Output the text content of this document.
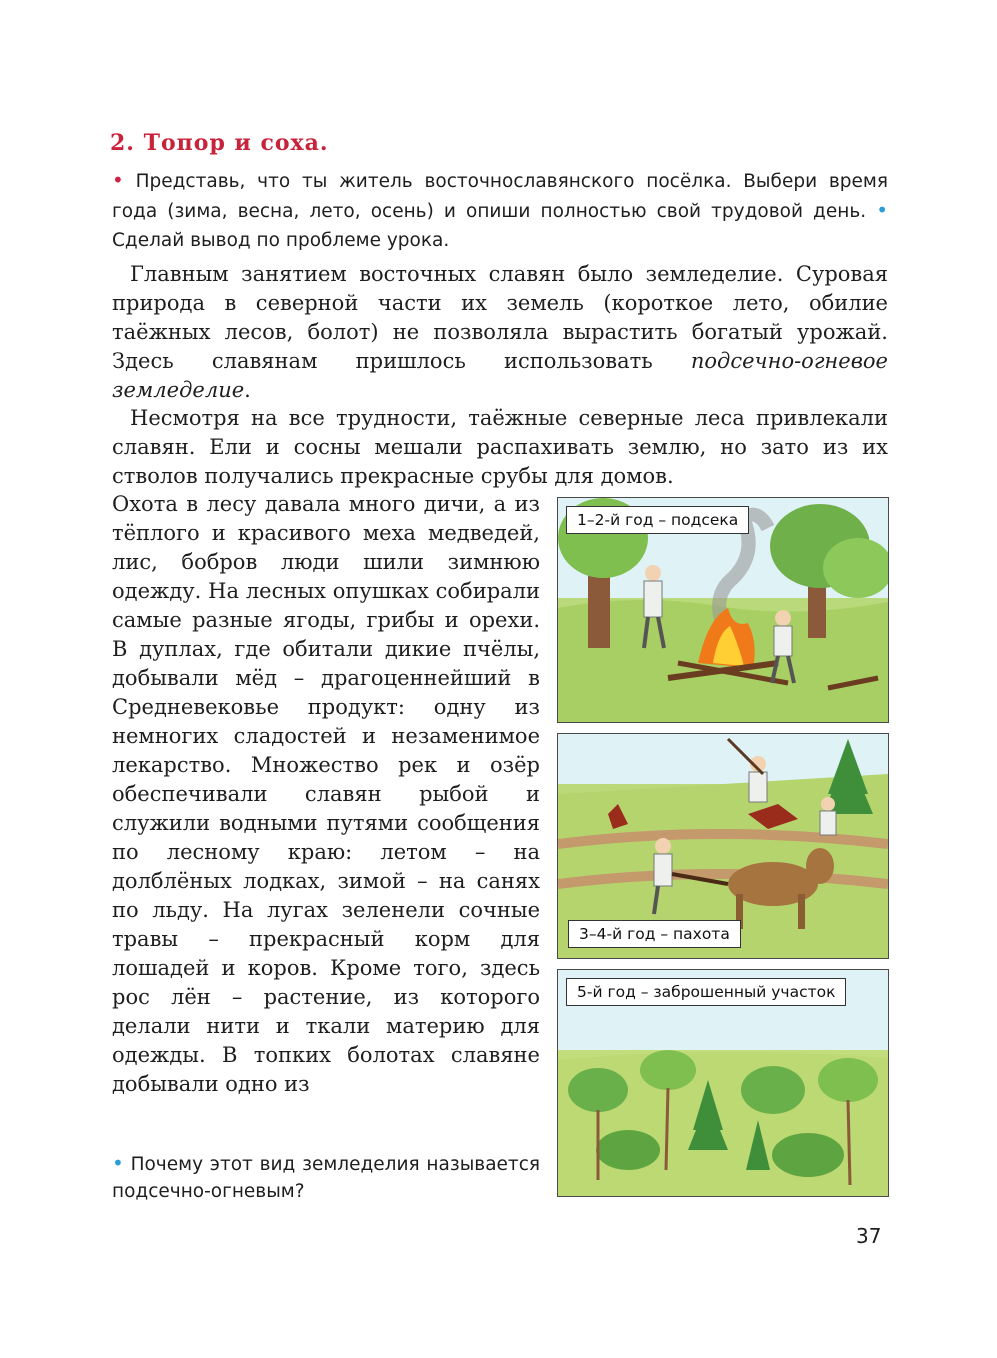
2. Топор и соха.

• Представь, что ты житель восточнославянского посёлка. Выбери время года (зима, весна, лето, осень) и опиши полностью свой трудовой день. • Сделай вывод по проблеме урока.

Главным занятием восточных славян было земледелие. Суровая природа в северной части их земель (короткое лето, обилие таёжных лесов, болот) не позволяла вырастить богатый урожай. Здесь славянам пришлось использовать подсечно-огневое земледелие.

Несмотря на все трудности, таёжные северные леса привлекали славян. Ели и сосны мешали распахивать землю, но зато из их стволов получались прекрасные срубы для домов.

Охота в лесу давала много дичи, а из тёплого и красивого меха медведей, лис, бобров люди шили зимнюю одежду. На лесных опушках собирали самые разные ягоды, грибы и орехи. В дуплах, где обитали дикие пчёлы, добывали мёд – драгоценнейший в Средневековье продукт: одну из немногих сладостей и незаменимое лекарство. Множество рек и озёр обеспечивали славян рыбой и служили водными путями сообщения по лесному краю: летом – на долблёных лодках, зимой – на санях по льду. На лугах зеленели сочные травы – прекрасный корм для лошадей и коров. Кроме того, здесь рос лён – растение, из которого делали нити и ткали материю для одежды. В топких болотах славяне добывали одно из

• Почему этот вид земледелия называется подсечно-огневым?

1–2-й год – подсека
3–4-й год – пахота
5-й год – заброшенный участок

37
